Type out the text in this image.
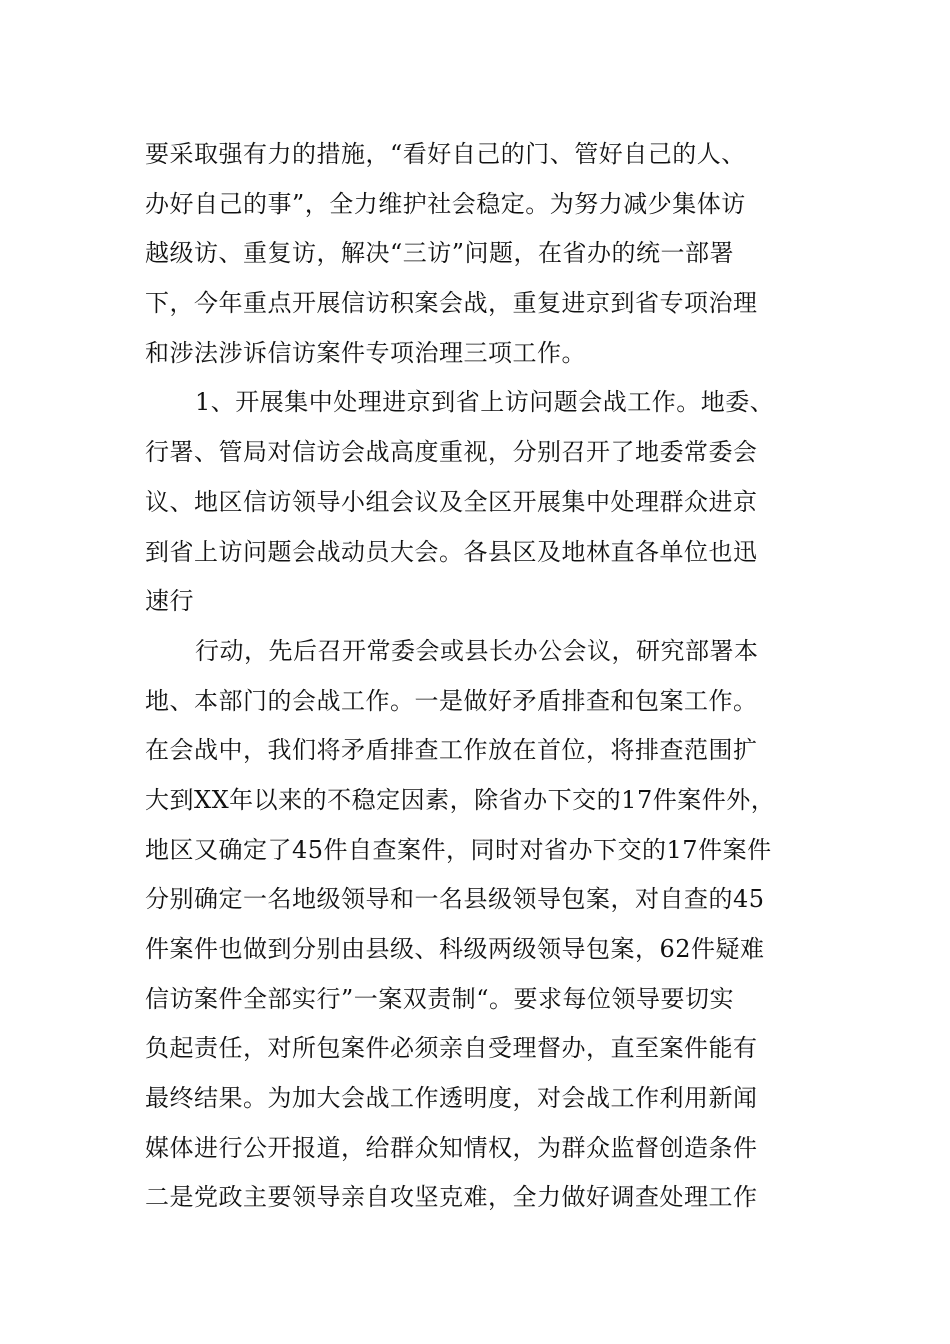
要采取强有力的措施，“看好自己的门、管好自己的人、
办好自己的事”，全力维护社会稳定。为努力减少集体访
越级访、重复访，解决“三访”问题，在省办的统一部署
下，今年重点开展信访积案会战，重复进京到省专项治理
和涉法涉诉信访案件专项治理三项工作。
1、开展集中处理进京到省上访问题会战工作。地委、
行署、管局对信访会战高度重视，分别召开了地委常委会
议、地区信访领导小组会议及全区开展集中处理群众进京
到省上访问题会战动员大会。各县区及地林直各单位也迅
速行
行动，先后召开常委会或县长办公会议，研究部署本
地、本部门的会战工作。一是做好矛盾排查和包案工作。
在会战中，我们将矛盾排查工作放在首位，将排查范围扩
大到XX年以来的不稳定因素，除省办下交的17件案件外，
地区又确定了45件自查案件，同时对省办下交的17件案件
分别确定一名地级领导和一名县级领导包案，对自查的45
件案件也做到分别由县级、科级两级领导包案，62件疑难
信访案件全部实行”一案双责制“。要求每位领导要切实
负起责任，对所包案件必须亲自受理督办，直至案件能有
最终结果。为加大会战工作透明度，对会战工作利用新闻
媒体进行公开报道，给群众知情权，为群众监督创造条件
二是党政主要领导亲自攻坚克难，全力做好调查处理工作
